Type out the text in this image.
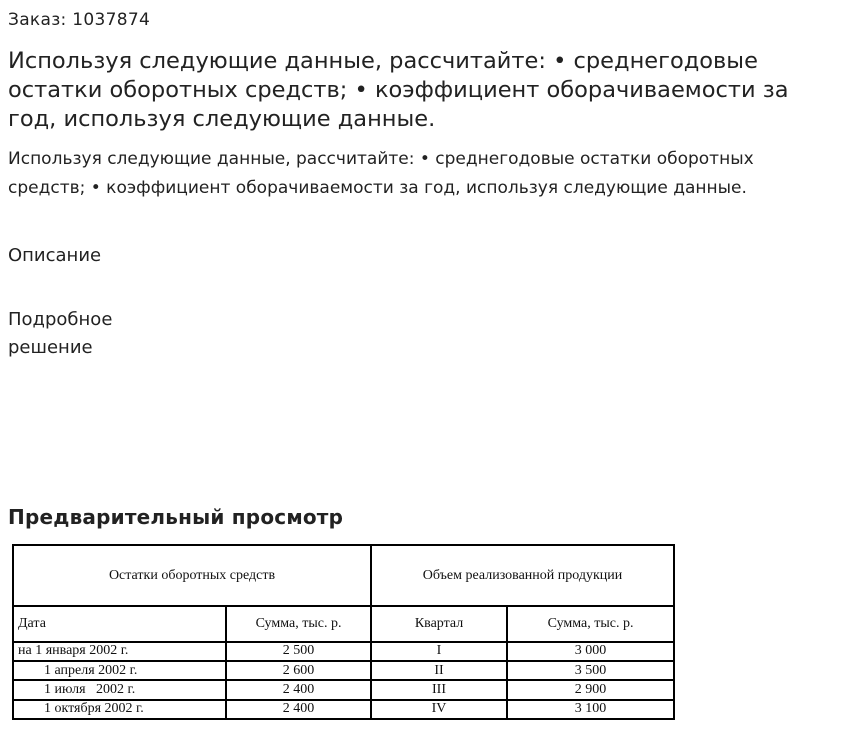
Заказ: 1037874
Используя следующие данные, рассчитайте: • среднегодовые остатки оборотных средств; • коэффициент оборачиваемости за год, используя следующие данные.

Используя следующие данные, рассчитайте: • среднегодовые остатки оборотных средств; • коэффициент оборачиваемости за год, используя следующие данные.

Описание
Подробное решение
Предварительный просмотр
Остатки оборотных средств		Объем реализованной продукции	
Дата	Сумма, тыс. р.	Квартал	Сумма, тыс. р.
на 1 января 2002 г.	2 500	I	3 000
1 апреля 2002 г.	2 600	II	3 500
1 июля   2002 г.	2 400	III	2 900
1 октября 2002 г.	2 400	IV	3 100
